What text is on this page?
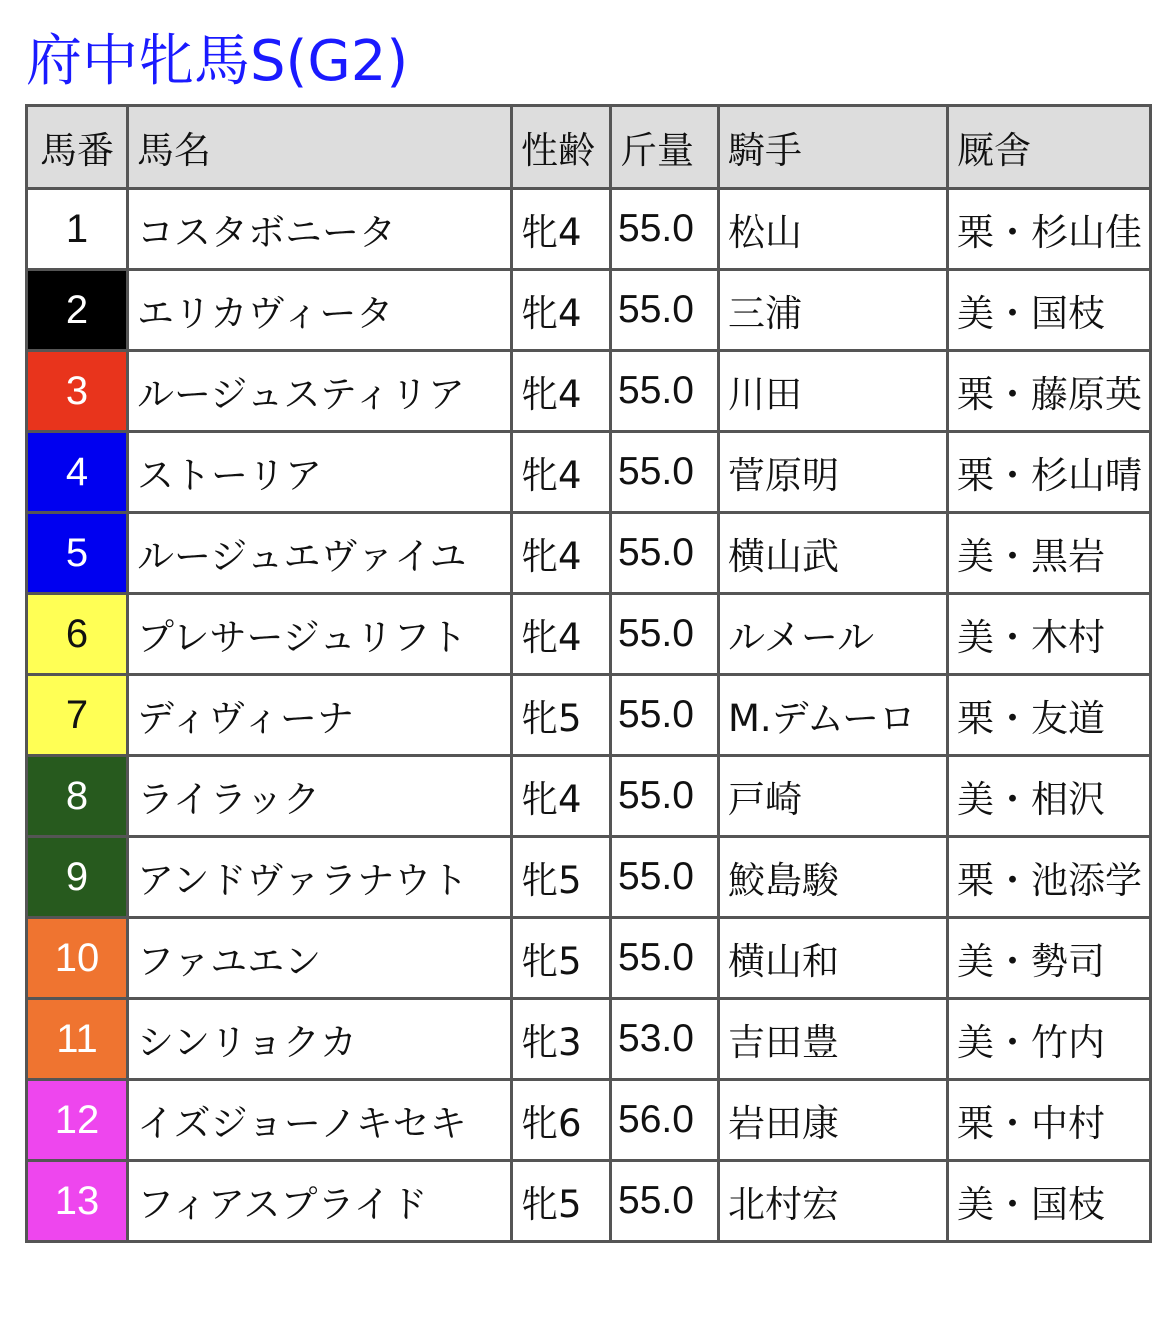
府中牝馬S(G2)
馬番	馬名	性齢	斤量	騎手	厩舎
1	コスタボニータ	牝4	55.0	松山	栗・杉山佳
2	エリカヴィータ	牝4	55.0	三浦	美・国枝
3	ルージュスティリア	牝4	55.0	川田	栗・藤原英
4	ストーリア	牝4	55.0	菅原明	栗・杉山晴
5	ルージュエヴァイユ	牝4	55.0	横山武	美・黒岩
6	プレサージュリフト	牝4	55.0	ルメール	美・木村
7	ディヴィーナ	牝5	55.0	M.デムーロ	栗・友道
8	ライラック	牝4	55.0	戸崎	美・相沢
9	アンドヴァラナウト	牝5	55.0	鮫島駿	栗・池添学
10	ファユエン	牝5	55.0	横山和	美・勢司
11	シンリョクカ	牝3	53.0	吉田豊	美・竹内
12	イズジョーノキセキ	牝6	56.0	岩田康	栗・中村
13	フィアスプライド	牝5	55.0	北村宏	美・国枝
